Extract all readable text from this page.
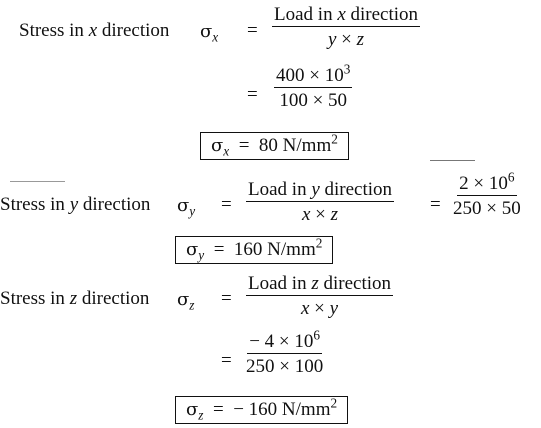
Stress in x direction $\sigma_x = \frac{\text{Load in x direction}}{y \times z}$
= $\frac{400 \times 10^3}{100 \times 50}$
$\sigma_x = 80$ $N/mm^2$
Stress in y direction $\sigma_y = \frac{\text{Load in y direction}}{x \times z} = \frac{2 \times 10^6}{250 \times 50}$
$\sigma_y = 160$ $N/mm^2$
Stress in z direction $\sigma_z = \frac{\text{Load in z direction}}{x \times y}$
= $\frac{- 4 \times 10^6}{250 \times 100}$
$\sigma_z$ = − 160 $N/mm^2$
